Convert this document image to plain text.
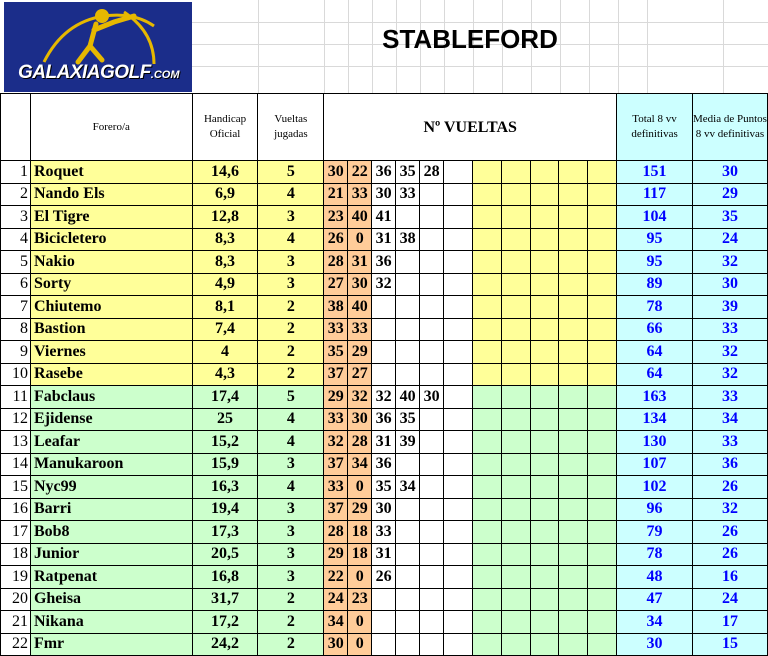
GALAXIAGOLF.COM
STABLEFORD
	Forero/a	Handicap Oficial	Vueltas jugadas	Nº VUELTAS											Total 8 vv definitivas	Media de Puntos 8 vv definitivas
1	Roquet	14,6	5	30	22	36	35	28							151	30
2	Nando Els	6,9	4	21	33	30	33								117	29
3	El Tigre	12,8	3	23	40	41									104	35
4	Bicicletero	8,3	4	26	0	31	38								95	24
5	Nakio	8,3	3	28	31	36									95	32
6	Sorty	4,9	3	27	30	32									89	30
7	Chiutemo	8,1	2	38	40										78	39
8	Bastion	7,4	2	33	33										66	33
9	Viernes	4	2	35	29										64	32
10	Rasebe	4,3	2	37	27										64	32
11	Fabclaus	17,4	5	29	32	32	40	30							163	33
12	Ejidense	25	4	33	30	36	35								134	34
13	Leafar	15,2	4	32	28	31	39								130	33
14	Manukaroon	15,9	3	37	34	36									107	36
15	Nyc99	16,3	4	33	0	35	34								102	26
16	Barri	19,4	3	37	29	30									96	32
17	Bob8	17,3	3	28	18	33									79	26
18	Junior	20,5	3	29	18	31									78	26
19	Ratpenat	16,8	3	22	0	26									48	16
20	Gheisa	31,7	2	24	23										47	24
21	Nikana	17,2	2	34	0										34	17
22	Fmr	24,2	2	30	0										30	15
